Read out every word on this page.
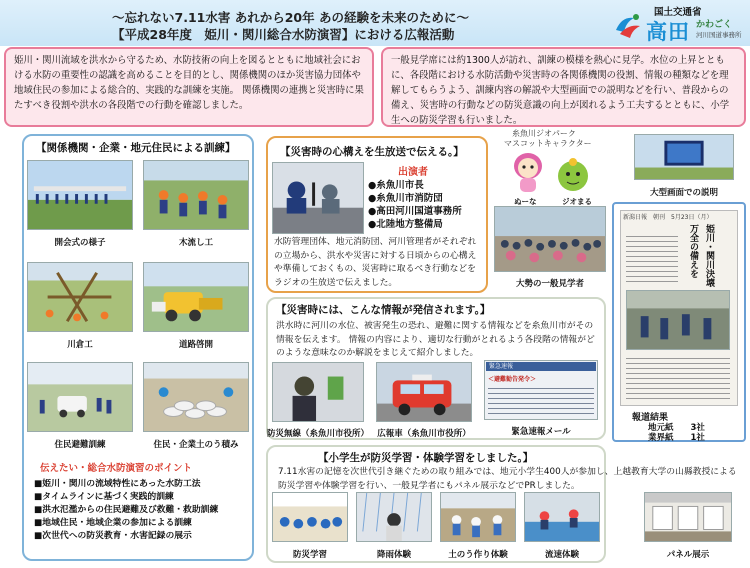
～忘れない7.11水害 あれから20年 あの経験を未来のために～
【平成28年度　姫川・関川総合水防演習】における広報活動
国土交通省
高田 かわごく
河川国道事務所
姫川・関川流域を洪水から守るため、水防技術の向上を図るとともに地域社会における水防の重要性の認識を高めることを目的とし、関係機関のほか災害協力団体や地域住民の参加による総合的、実践的な訓練を実施。 関係機関の連携と災害時に果たすべき役割や洪水の各段階での行動を確認しました。
一般見学席には約1300人が訪れ、訓練の模様を熱心に見学。水位の上昇とともに、各段階における水防活動や災害時の各関係機関の役割、情報の種類などを理解してもらうよう、訓練内容の解説や大型画面での説明などを行い、普段からの備え、災害時の行動などの防災意識の向上が図れるよう工夫するとともに、小学生への防災学習も行いました。
【関係機関・企業・地元住民による訓練】
開会式の様子	木流し工
川倉工	道路啓開
住民避難訓練	住民・企業土のう積み
伝えたい・総合水防演習のポイント
■姫川・関川の流域特性にあった水防工法
■タイムラインに基づく実践的訓練
■洪水氾濫からの住民避難及び救難・救助訓練
■地域住民・地域企業の参加による訓練
■次世代への防災教育・水害記録の展示
【災害時の心構えを生放送で伝える。】
出演者
●糸魚川市長
●糸魚川市消防団
●高田河川国道事務所
●北陸地方整備局
水防管理団体、地元消防団、河川管理者がそれぞれの立場から、洪水や災害に対する日頃からの心構えや準備しておくもの、災害時に取るべき行動などをラジオの生放送で伝えました。
糸魚川ジオパーク
マスコットキャラクター
ぬーな	ジオまる
大型画面での説明
大勢の一般見学者
新潟日報　朝刊　5月23日（月）
姫川・関川決壊
万全の備えを
報道結果
地元紙　　3社
業界紙　　1社
【災害時には、こんな情報が発信されます。】
洪水時に河川の水位、被害発生の恐れ、避難に関する情報などを糸魚川市がその情報を伝えます。 情報の内容により、適切な行動がとれるよう各段階の情報がどのような意味なのか解説をまじえて紹介しました。
緊急速報
＜避難勧告発令＞
防災無線（糸魚川市役所） 広報車（糸魚川市役所）	緊急速報メール
【小学生が防災学習・体験学習をしました。】
7.11水害の記憶を次世代引き継ぐための取り組みでは、地元小学生400人が参加し、上越教育大学の山縣教授による防災学習や体験学習を行い、一般見学者にもパネル展示などでPRしました。
防災学習	降雨体験	土のう作り体験	流速体験	パネル展示
